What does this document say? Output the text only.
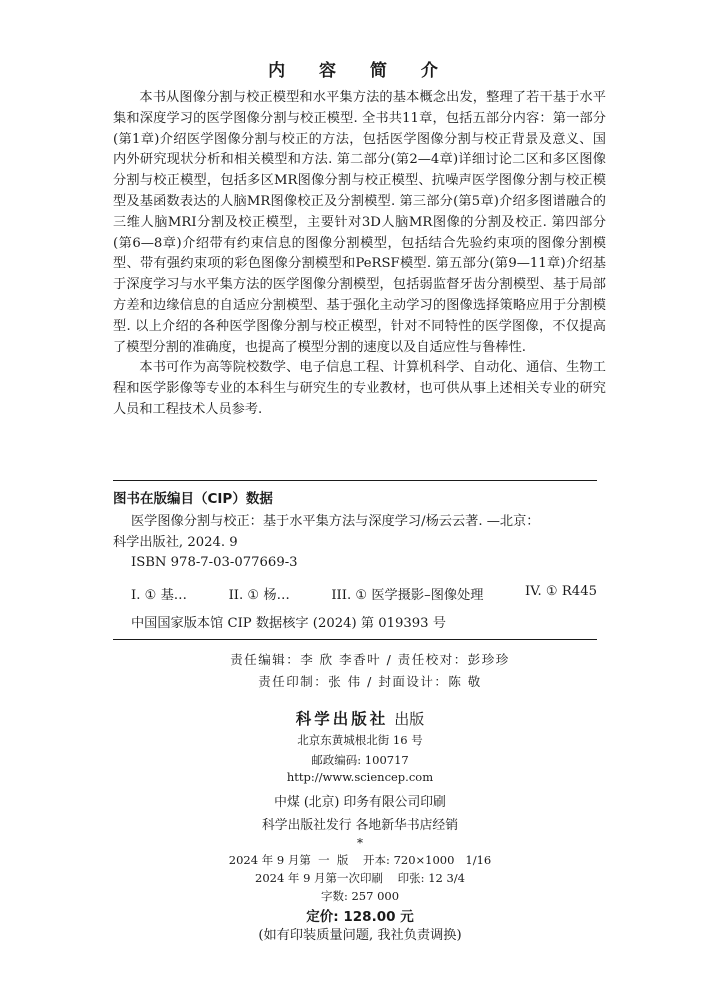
内 容 简 介

本书从图像分割与校正模型和水平集方法的基本概念出发，整理了若干基于水平集和深度学习的医学图像分割与校正模型. 全书共11章，包括五部分内容：第一部分(第1章)介绍医学图像分割与校正的方法，包括医学图像分割与校正背景及意义、国内外研究现状分析和相关模型和方法. 第二部分(第2—4章)详细讨论二区和多区图像分割与校正模型，包括多区MR图像分割与校正模型、抗噪声医学图像分割与校正模型及基函数表达的人脑MR图像校正及分割模型. 第三部分(第5章)介绍多图谱融合的三维人脑MRI分割及校正模型，主要针对3D人脑MR图像的分割及校正. 第四部分(第6—8章)介绍带有约束信息的图像分割模型，包括结合先验约束项的图像分割模型、带有强约束项的彩色图像分割模型和PeRSF模型. 第五部分(第9—11章)介绍基于深度学习与水平集方法的医学图像分割模型，包括弱监督牙齿分割模型、基于局部方差和边缘信息的自适应分割模型、基于强化主动学习的图像选择策略应用于分割模型. 以上介绍的各种医学图像分割与校正模型，针对不同特性的医学图像，不仅提高了模型分割的准确度，也提高了模型分割的速度以及自适应性与鲁棒性.

本书可作为高等院校数学、电子信息工程、计算机科学、自动化、通信、生物工程和医学影像等专业的本科生与研究生的专业教材，也可供从事上述相关专业的研究人员和工程技术人员参考.

图书在版编目（CIP）数据
医学图像分割与校正：基于水平集方法与深度学习/杨云云著. —北京：
科学出版社, 2024. 9
ISBN 978-7-03-077669-3
I. ① 基…	II. ① 杨…	III. ① 医学摄影–图像处理	IV. ① R445
中国国家版本馆 CIP 数据核字 (2024) 第 019393 号
责任编辑：李 欣 李香叶 / 责任校对：彭珍珍
责任印制：张 伟 / 封面设计：陈 敬
科学出版社 出版
北京东黄城根北街 16 号
邮政编码: 100717
http://www.sciencep.com
中煤 (北京) 印务有限公司印刷
科学出版社发行 各地新华书店经销
*
2024 年 9 月第  一  版    开本: 720×1000   1/16
2024 年 9 月第一次印刷    印张: 12 3/4
字数: 257 000
定价: 128.00 元
(如有印装质量问题, 我社负责调换)
